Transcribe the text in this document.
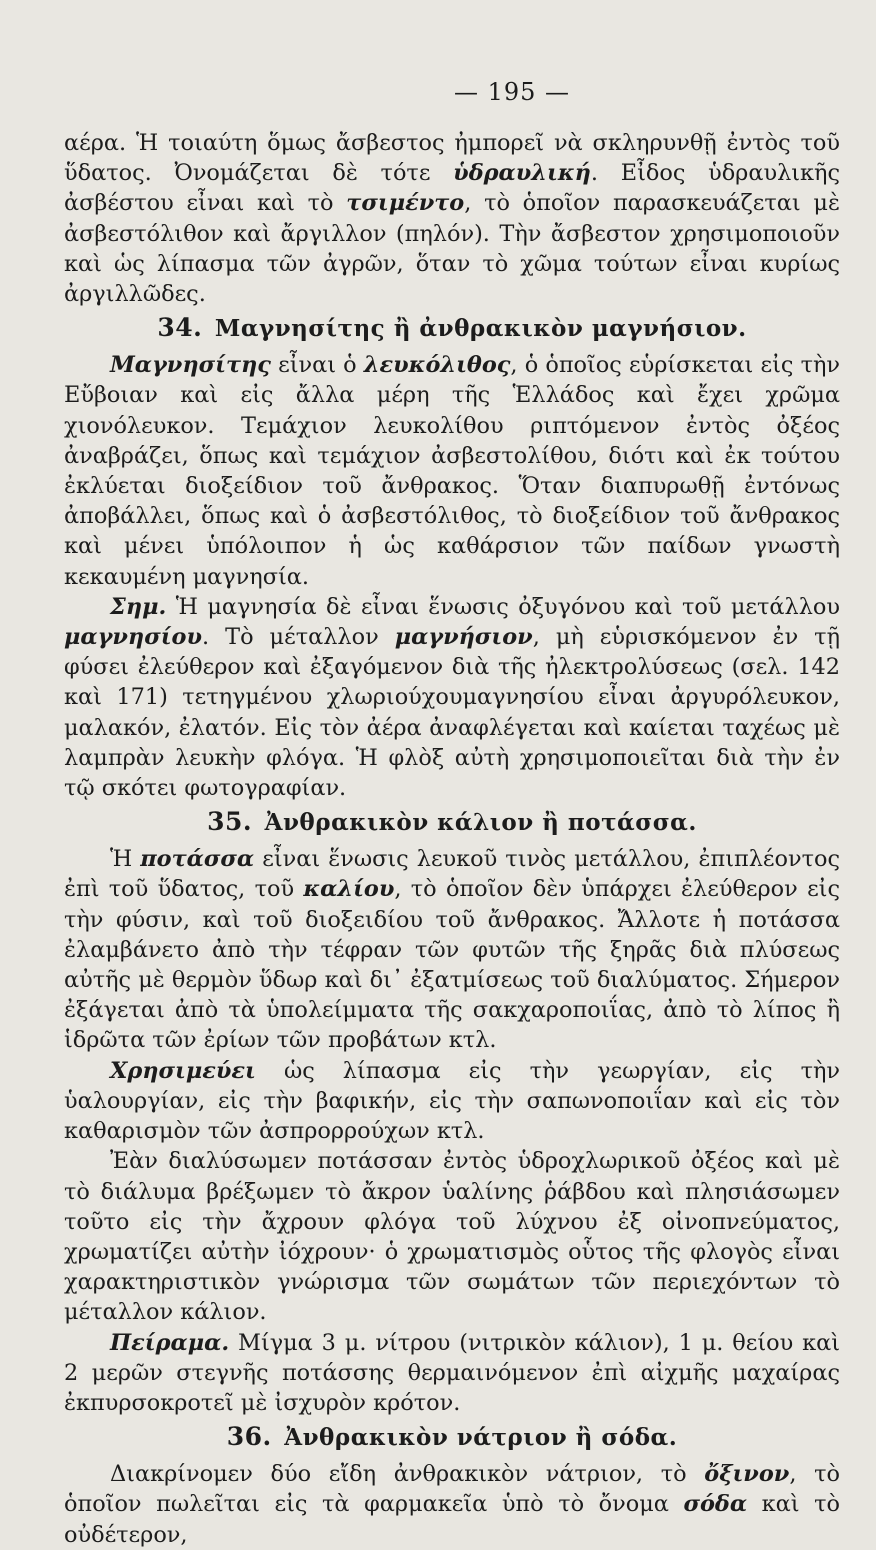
— 195 —

αέρα. Ἡ τοιαύτη ὅμως ἄσβεστος ἠμπορεῖ νὰ σκληρυνθῇ ἐντὸς τοῦ ὕδατος. Ὀνομάζεται δὲ τότε ὑδραυλική. Εἶδος ὑδραυλικῆς ἀσβέστου εἶναι καὶ τὸ τσιμέντο, τὸ ὁποῖον παρασκευάζεται μὲ ἀσβεστόλιθον καὶ ἄργιλλον (πηλόν). Τὴν ἄσβεστον χρησιμοποιοῦν καὶ ὡς λίπασμα τῶν ἀγρῶν, ὅταν τὸ χῶμα τούτων εἶναι κυρίως ἀργιλλῶδες.

34. Μαγνησίτης ἢ ἀνθρακικὸν μαγνήσιον.

Μαγνησίτης εἶναι ὁ λευκόλιθος, ὁ ὁποῖος εὑρίσκεται εἰς τὴν Εὔβοιαν καὶ εἰς ἄλλα μέρη τῆς Ἑλλάδος καὶ ἔχει χρῶμα χιονόλευκον. Τεμάχιον λευκολίθου ριπτόμενον ἐντὸς ὀξέος ἀναβράζει, ὅπως καὶ τεμάχιον ἀσβεστολίθου, διότι καὶ ἐκ τούτου ἐκλύεται διοξείδιον τοῦ ἄνθρακος. Ὅταν διαπυρωθῇ ἐντόνως ἀποβάλλει, ὅπως καὶ ὁ ἀσβεστόλιθος, τὸ διοξείδιον τοῦ ἄνθρακος καὶ μένει ὑπόλοιπον ἡ ὡς καθάρσιον τῶν παίδων γνωστὴ κεκαυμένη μαγνησία.

Σημ. Ἡ μαγνησία δὲ εἶναι ἕνωσις ὀξυγόνου καὶ τοῦ μετάλλου μαγνησίου. Τὸ μέταλλον μαγνήσιον, μὴ εὑρισκόμενον ἐν τῇ φύσει ἐλεύθερον καὶ ἐξαγόμενον διὰ τῆς ἠλεκτρολύσεως (σελ. 142 καὶ 171) τετηγμένου χλωριούχουμαγνησίου εἶναι ἀργυρόλευκον, μαλακόν, ἐλατόν. Εἰς τὸν ἀέρα ἀναφλέγεται καὶ καίεται ταχέως μὲ λαμπρὰν λευκὴν φλόγα. Ἡ φλὸξ αὐτὴ χρησιμοποιεῖται διὰ τὴν ἐν τῷ σκότει φωτογραφίαν.

35. Ἀνθρακικὸν κάλιον ἢ ποτάσσα.

Ἡ ποτάσσα εἶναι ἕνωσις λευκοῦ τινὸς μετάλλου, ἐπιπλέοντος ἐπὶ τοῦ ὕδατος, τοῦ καλίου, τὸ ὁποῖον δὲν ὑπάρχει ἐλεύθερον εἰς τὴν φύσιν, καὶ τοῦ διοξειδίου τοῦ ἄνθρακος. Ἄλλοτε ἡ ποτάσσα ἐλαμβάνετο ἀπὸ τὴν τέφραν τῶν φυτῶν τῆς ξηρᾶς διὰ πλύσεως αὐτῆς μὲ θερμὸν ὕδωρ καὶ δι᾽ ἐξατμίσεως τοῦ διαλύματος. Σήμερον ἐξάγεται ἀπὸ τὰ ὑπολείμματα τῆς σακχαροποιΐας, ἀπὸ τὸ λίπος ἢ ἱδρῶτα τῶν ἐρίων τῶν προβάτων κτλ.

Χρησιμεύει ὡς λίπασμα εἰς τὴν γεωργίαν, εἰς τὴν ὑαλουργίαν, εἰς τὴν βαφικήν, εἰς τὴν σαπωνοποιΐαν καὶ εἰς τὸν καθαρισμὸν τῶν ἀσπρορρούχων κτλ.

Ἐὰν διαλύσωμεν ποτάσσαν ἐντὸς ὑδροχλωρικοῦ ὀξέος καὶ μὲ τὸ διάλυμα βρέξωμεν τὸ ἄκρον ὑαλίνης ῥάβδου καὶ πλησιάσωμεν τοῦτο εἰς τὴν ἄχρουν φλόγα τοῦ λύχνου ἐξ οἰνοπνεύματος, χρωματίζει αὐτὴν ἰόχρουν· ὁ χρωματισμὸς οὗτος τῆς φλογὸς εἶναι χαρακτηριστικὸν γνώρισμα τῶν σωμάτων τῶν περιεχόντων τὸ μέταλλον κάλιον.

Πείραμα. Μίγμα 3 μ. νίτρου (νιτρικὸν κάλιον), 1 μ. θείου καὶ 2 μερῶν στεγνῆς ποτάσσης θερμαινόμενον ἐπὶ αἰχμῆς μαχαίρας ἐκπυρσοκροτεῖ μὲ ἰσχυρὸν κρότον.

36. Ἀνθρακικὸν νάτριον ἢ σόδα.

Διακρίνομεν δύο εἴδη ἀνθρακικὸν νάτριον, τὸ ὄξινον, τὸ ὁποῖον πωλεῖται εἰς τὰ φαρμακεῖα ὑπὸ τὸ ὄνομα σόδα καὶ τὸ οὐδέτερον,
